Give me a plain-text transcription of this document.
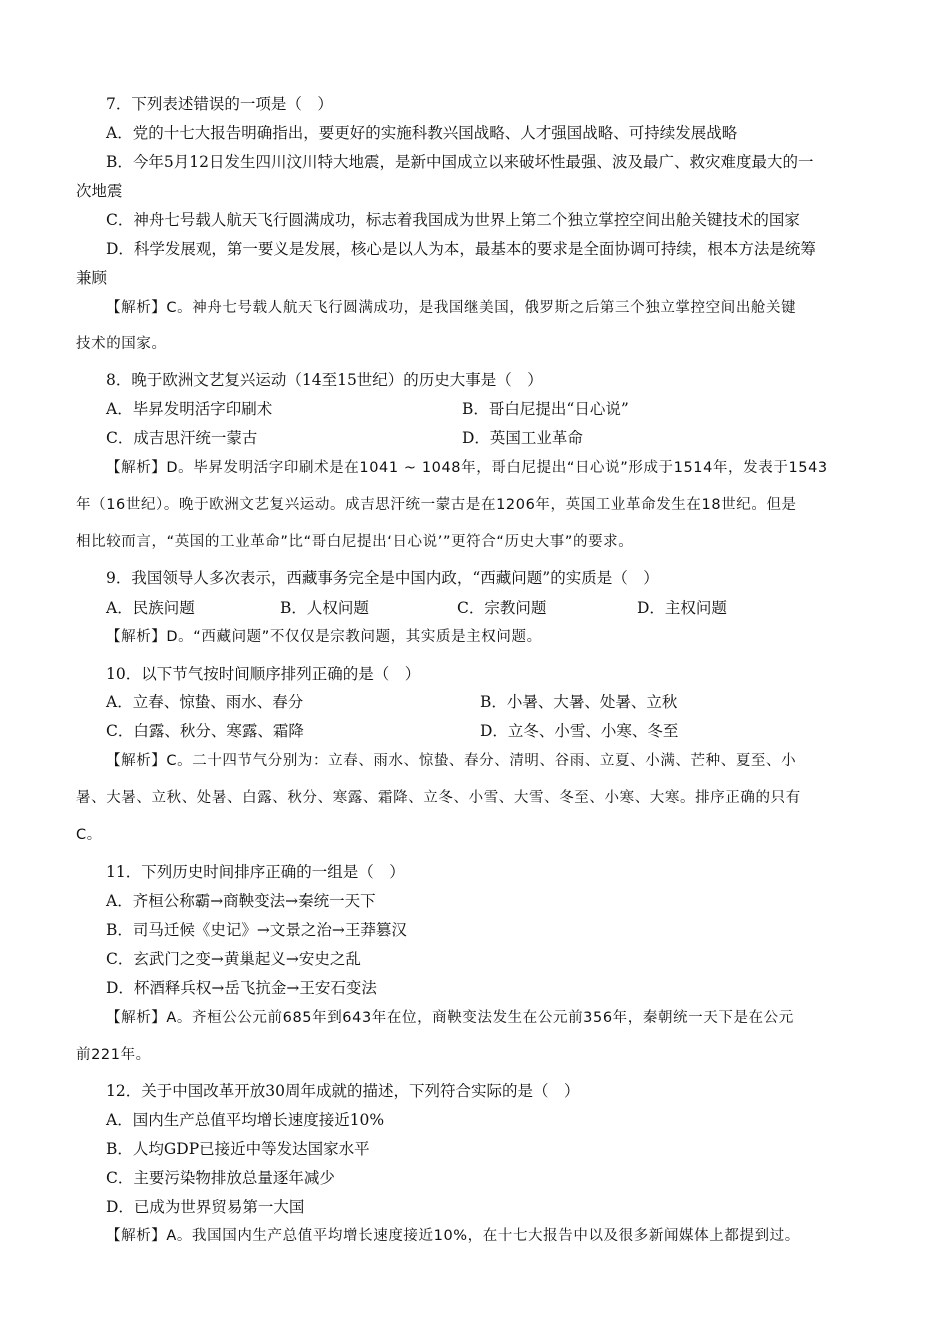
7．下列表述错误的一项是（　）
A．党的十七大报告明确指出，要更好的实施科教兴国战略、人才强国战略、可持续发展战略
B．今年5月12日发生四川汶川特大地震，是新中国成立以来破坏性最强、波及最广、救灾难度最大的一
次地震
C．神舟七号载人航天飞行圆满成功，标志着我国成为世界上第二个独立掌控空间出舱关键技术的国家
D．科学发展观，第一要义是发展，核心是以人为本，最基本的要求是全面协调可持续，根本方法是统筹
兼顾
【解析】C。神舟七号载人航天飞行圆满成功，是我国继美国，俄罗斯之后第三个独立掌控空间出舱关键
技术的国家。
8．晚于欧洲文艺复兴运动（14至15世纪）的历史大事是（　）
A．毕昇发明活字印刷术	B．哥白尼提出“日心说”
C．成吉思汗统一蒙古	D．英国工业革命
【解析】D。毕昇发明活字印刷术是在1041 ~ 1048年，哥白尼提出“日心说”形成于1514年，发表于1543
年（16世纪）。晚于欧洲文艺复兴运动。成吉思汗统一蒙古是在1206年，英国工业革命发生在18世纪。但是
相比较而言，“英国的工业革命”比“哥白尼提出‘日心说’”更符合“历史大事”的要求。
9．我国领导人多次表示，西藏事务完全是中国内政，“西藏问题”的实质是（　）
A．民族问题	B．人权问题	C．宗教问题	D．主权问题
【解析】D。“西藏问题”不仅仅是宗教问题，其实质是主权问题。
10．以下节气按时间顺序排列正确的是（　）
A．立春、惊蛰、雨水、春分	B．小暑、大暑、处暑、立秋
C．白露、秋分、寒露、霜降	D．立冬、小雪、小寒、冬至
【解析】C。二十四节气分别为：立春、雨水、惊蛰、春分、清明、谷雨、立夏、小满、芒种、夏至、小
暑、大暑、立秋、处暑、白露、秋分、寒露、霜降、立冬、小雪、大雪、冬至、小寒、大寒。排序正确的只有
C。
11．下列历史时间排序正确的一组是（　）
A．齐桓公称霸→商鞅变法→秦统一天下
B．司马迁候《史记》→文景之治→王莽篡汉
C．玄武门之变→黄巢起义→安史之乱
D．杯酒释兵权→岳飞抗金→王安石变法
【解析】A。齐桓公公元前685年到643年在位，商鞅变法发生在公元前356年，秦朝统一天下是在公元
前221年。
12．关于中国改革开放30周年成就的描述，下列符合实际的是（　）
A．国内生产总值平均增长速度接近10%
B．人均GDP已接近中等发达国家水平
C．主要污染物排放总量逐年减少
D．已成为世界贸易第一大国
【解析】A。我国国内生产总值平均增长速度接近10%，在十七大报告中以及很多新闻媒体上都提到过。
